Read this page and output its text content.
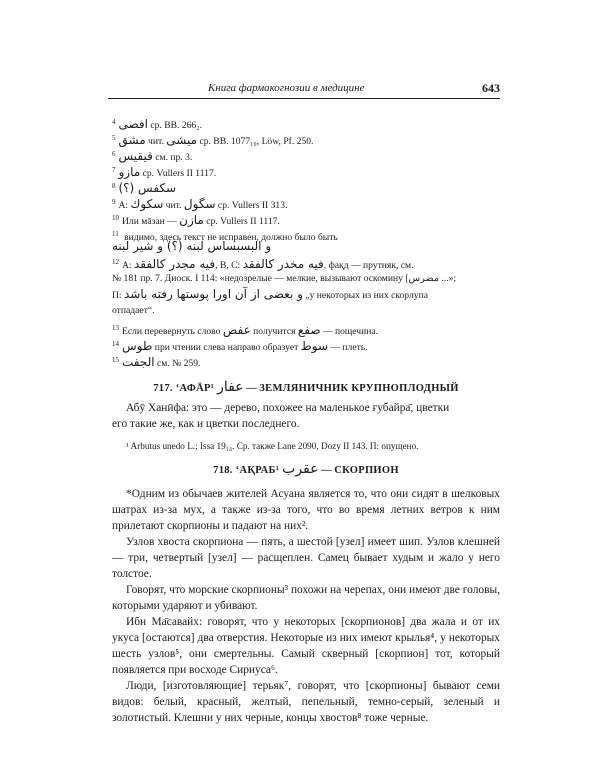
Книга фармакогнозии в медицине	643
$^4$ افصى ср. BB. 266₂.
$^5$ مشق чит. ميشى ср. BB. 1077₁₉, Löw, Pf. 250.
$^6$ قيقيس см. пр. 3.
$^7$ مازو ср. Vullers II 1117.
$^8$ سكفس (؟)
$^9$ A: سكوك чит. سگول ср. Vullers II 313.
$^{10}$ Или мāзан — مازن ср. Vullers II 1117.
$^{11}$ видимо, здесь текст не исправен, должно было быть
و البسبساس لبنه (؟) و شير لبنه
$^{12}$ A: فيه مجدر كالفقد, B, C: فيه مخدر كالفقد, фақд — прутняк, см.
№ 181 пр. 7. Диоск. I 114: «недозрелые — мелкие, вызывают оскомину [مضرس ...»;
П: و بعضى از آن اورا پوستها رفته باشد „у некоторых из них скорлупа
отпадает“.
$^{13}$ Если перевернуть слово عفص получится صفع — пощечина.
$^{14}$ طوس при чтении слева направо образует سوط — плеть.
$^{15}$ الجفت см. № 259.
717. ‘АФĀР¹ عفار — ЗЕМЛЯНИЧНИК КРУПНОПЛОДНЫЙ
Абӯ Ханӣфа: это — дерево, похожее на маленькое ғубайра̄, цветки
его такие же, как и цветки последнего.
¹ Arbutus unedo L.; Issa 19₁₄. Ср. также Lane 2090, Dozy II 143. П: опущено.
718. ‘АҚРАБ¹ عقرب — СКОРПИОН

*Одним из обычаев жителей Асуана является то, что они сидят в шелковых шатрах из-за мух, а также из-за того, что во время летних ветров к ним прилетают скорпионы и падают на них².

Узлов хвоста скорпиона — пять, а шестой [узел] имеет шип. Узлов клешней — три, четвертый [узел] — расщеплен. Самец бывает худым и жало у него толстое.

Говорят, что морские скорпионы³ похожи на черепах, они имеют две головы, которыми ударяют и убивают.

Ибн Ма̄савайх: говорят, что у некоторых [скорпионов] два жала и от их укуса [остаются] два отверстия. Некоторые из них имеют крылья⁴, у некоторых шесть узлов⁵, они смертельны. Самый скверный [скорпион] тот, который появляется при восходе Сириуса⁶.

Люди, [изготовляющие] терьяк⁷, говорят, что [скорпионы] бывают семи видов: белый, красный, желтый, пепельный, темно-серый, зеленый и золотистый. Клешни у них черные, концы хвостов⁸ тоже черные.
